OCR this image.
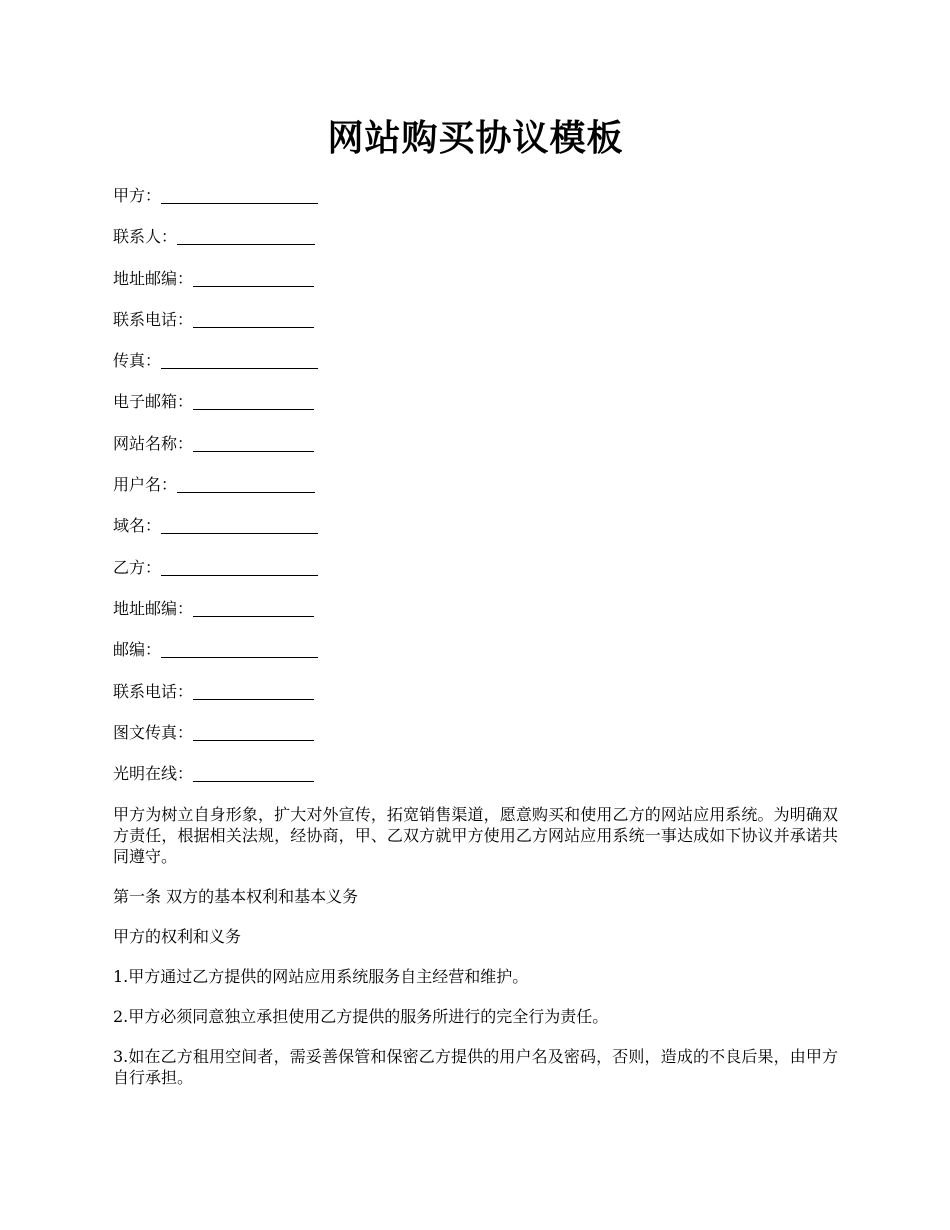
网站购买协议模板
甲方：
联系人：
地址邮编：
联系电话：
传真：
电子邮箱：
网站名称：
用户名：
域名：
乙方：
地址邮编：
邮编：
联系电话：
图文传真：
光明在线：

甲方为树立自身形象，扩大对外宣传，拓宽销售渠道，愿意购买和使用乙方的网站应用系统。为明确双方责任，根据相关法规，经协商，甲、乙双方就甲方使用乙方网站应用系统一事达成如下协议并承诺共同遵守。

第一条 双方的基本权利和基本义务

甲方的权利和义务

1.甲方通过乙方提供的网站应用系统服务自主经营和维护。

2.甲方必须同意独立承担使用乙方提供的服务所进行的完全行为责任。

3.如在乙方租用空间者，需妥善保管和保密乙方提供的用户名及密码，否则，造成的不良后果，由甲方自行承担。
